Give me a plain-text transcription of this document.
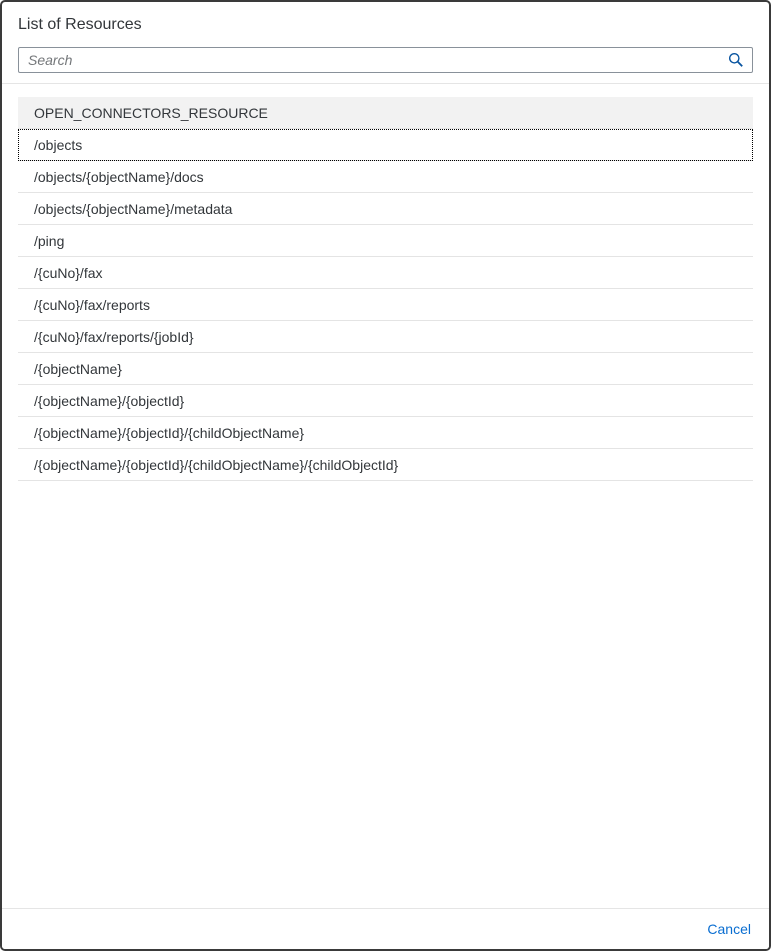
List of Resources
Search
OPEN_CONNECTORS_RESOURCE
/objects
/objects/{objectName}/docs
/objects/{objectName}/metadata
/ping
/{cuNo}/fax
/{cuNo}/fax/reports
/{cuNo}/fax/reports/{jobId}
/{objectName}
/{objectName}/{objectId}
/{objectName}/{objectId}/{childObjectName}
/{objectName}/{objectId}/{childObjectName}/{childObjectId}
Cancel
